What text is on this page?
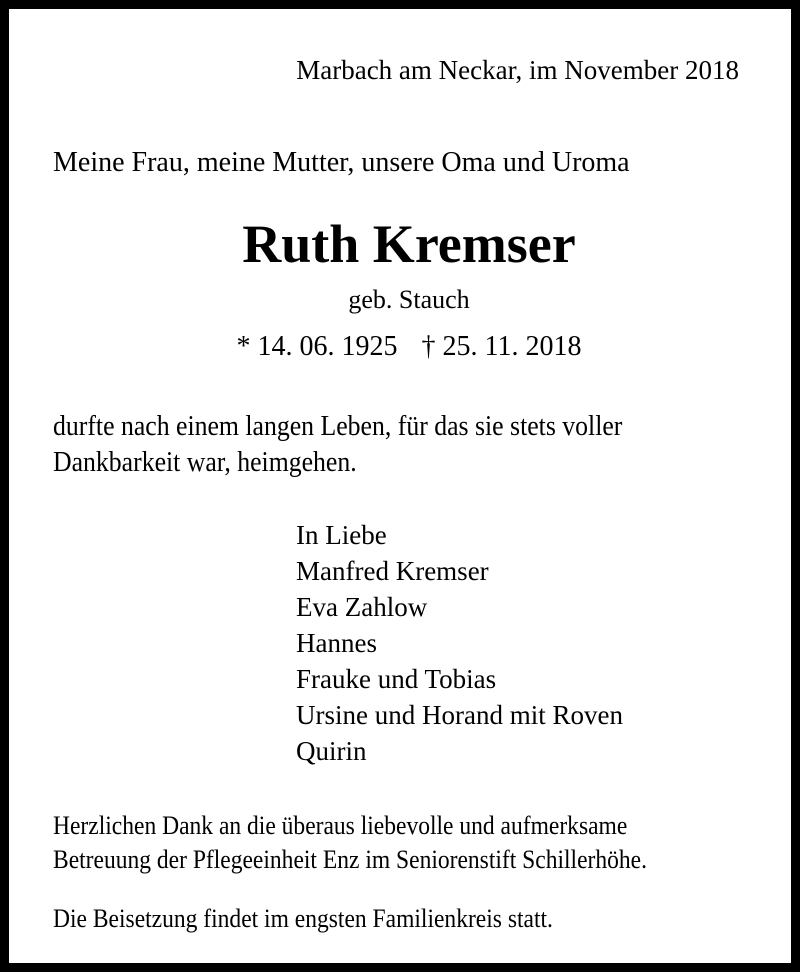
Marbach am Neckar, im November 2018
Meine Frau, meine Mutter, unsere Oma und Uroma
Ruth Kremser
geb. Stauch
* 14. 06. 1925 † 25. 11. 2018
durfte nach einem langen Leben, für das sie stets voller
Dankbarkeit war, heimgehen.
In Liebe
Manfred Kremser
Eva Zahlow
Hannes
Frauke und Tobias
Ursine und Horand mit Roven
Quirin
Herzlichen Dank an die überaus liebevolle und aufmerksame
Betreuung der Pflegeeinheit Enz im Seniorenstift Schillerhöhe.
Die Beisetzung findet im engsten Familienkreis statt.
